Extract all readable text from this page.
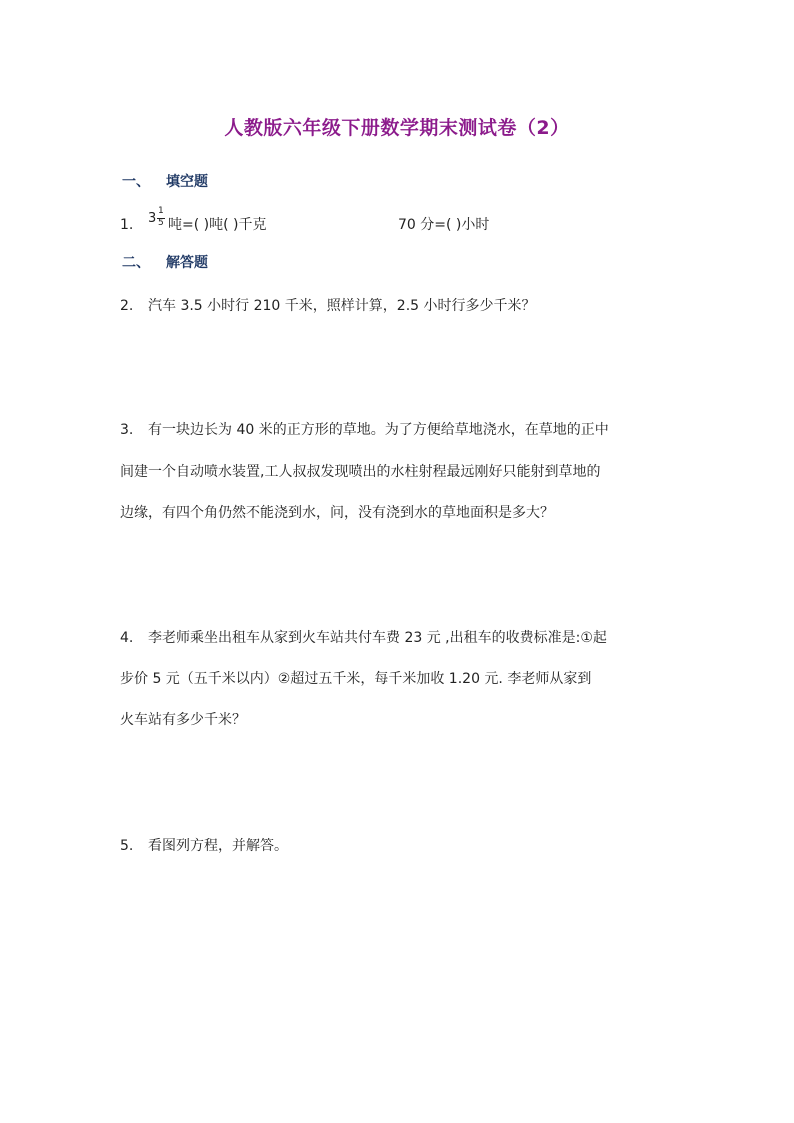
人教版六年级下册数学期末测试卷（2）
一、 填空题
1. 3 1
5 吨=( )吨( )千克	70 分=( )小时
二、 解答题
2. 汽车 3.5 小时行 210 千米，照样计算，2.5 小时行多少千米？
3. 有一块边长为 40 米的正方形的草地。为了方便给草地浇水，在草地的正中
间建一个自动喷水装置,工人叔叔发现喷出的水柱射程最远刚好只能射到草地的
边缘，有四个角仍然不能浇到水，问，没有浇到水的草地面积是多大？
4. 李老师乘坐出租车从家到火车站共付车费 23 元 ,出租车的收费标准是:①起
步价 5 元（五千米以内）②超过五千米，每千米加收 1.20 元. 李老师从家到
火车站有多少千米？
5. 看图列方程，并解答。
